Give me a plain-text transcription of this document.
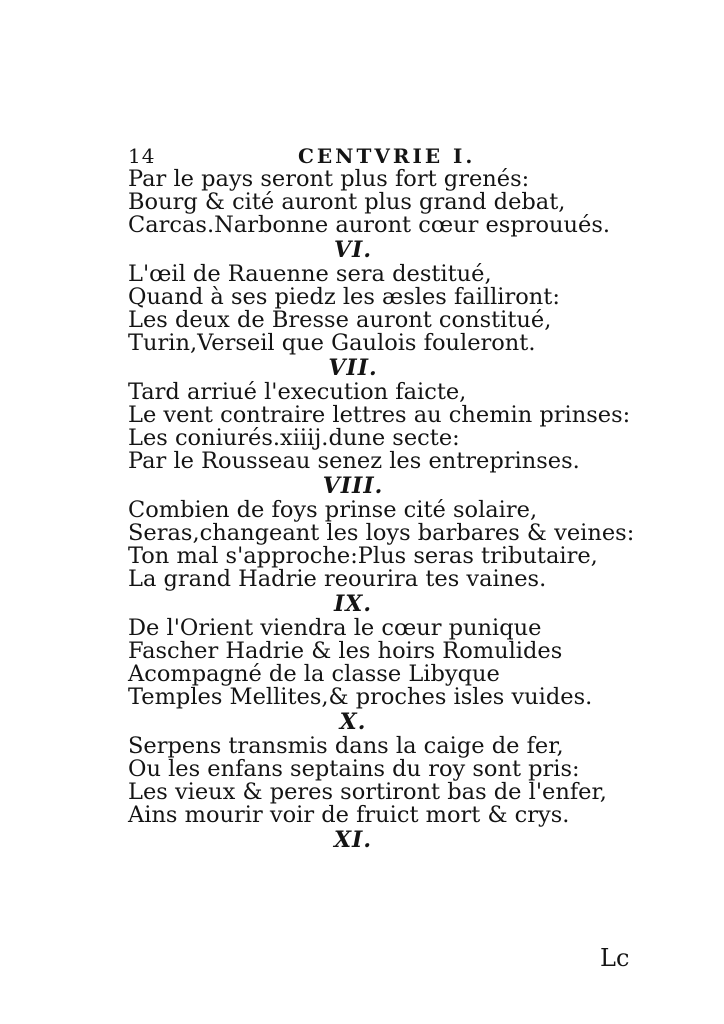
14	CENTVRIE I.
Par le pays seront plus fort grenés:
Bourg & cité auront plus grand debat,
Carcas.Narbonne auront cœur esprouués.
VI.
L'œil de Rauenne sera destitué,
Quand à ses piedz les æsles failliront:
Les deux de Bresse auront constitué,
Turin,Verseil que Gaulois fouleront.
VII.
Tard arriué l'execution faicte,
Le vent contraire lettres au chemin prinses:
Les coniurés.xiiij.dune secte:
Par le Rousseau senez les entreprinses.
VIII.
Combien de foys prinse cité solaire,
Seras,changeant les loys barbares & veines:
Ton mal s'approche:Plus seras tributaire,
La grand Hadrie reourira tes vaines.
IX.
De l'Orient viendra le cœur punique
Fascher Hadrie & les hoirs Romulides
Acompagné de la classe Libyque
Temples Mellites,& proches isles vuides.
X.
Serpens transmis dans la caige de fer,
Ou les enfans septains du roy sont pris:
Les vieux & peres sortiront bas de l'enfer,
Ains mourir voir de fruict mort & crys.
XI.
Lc
